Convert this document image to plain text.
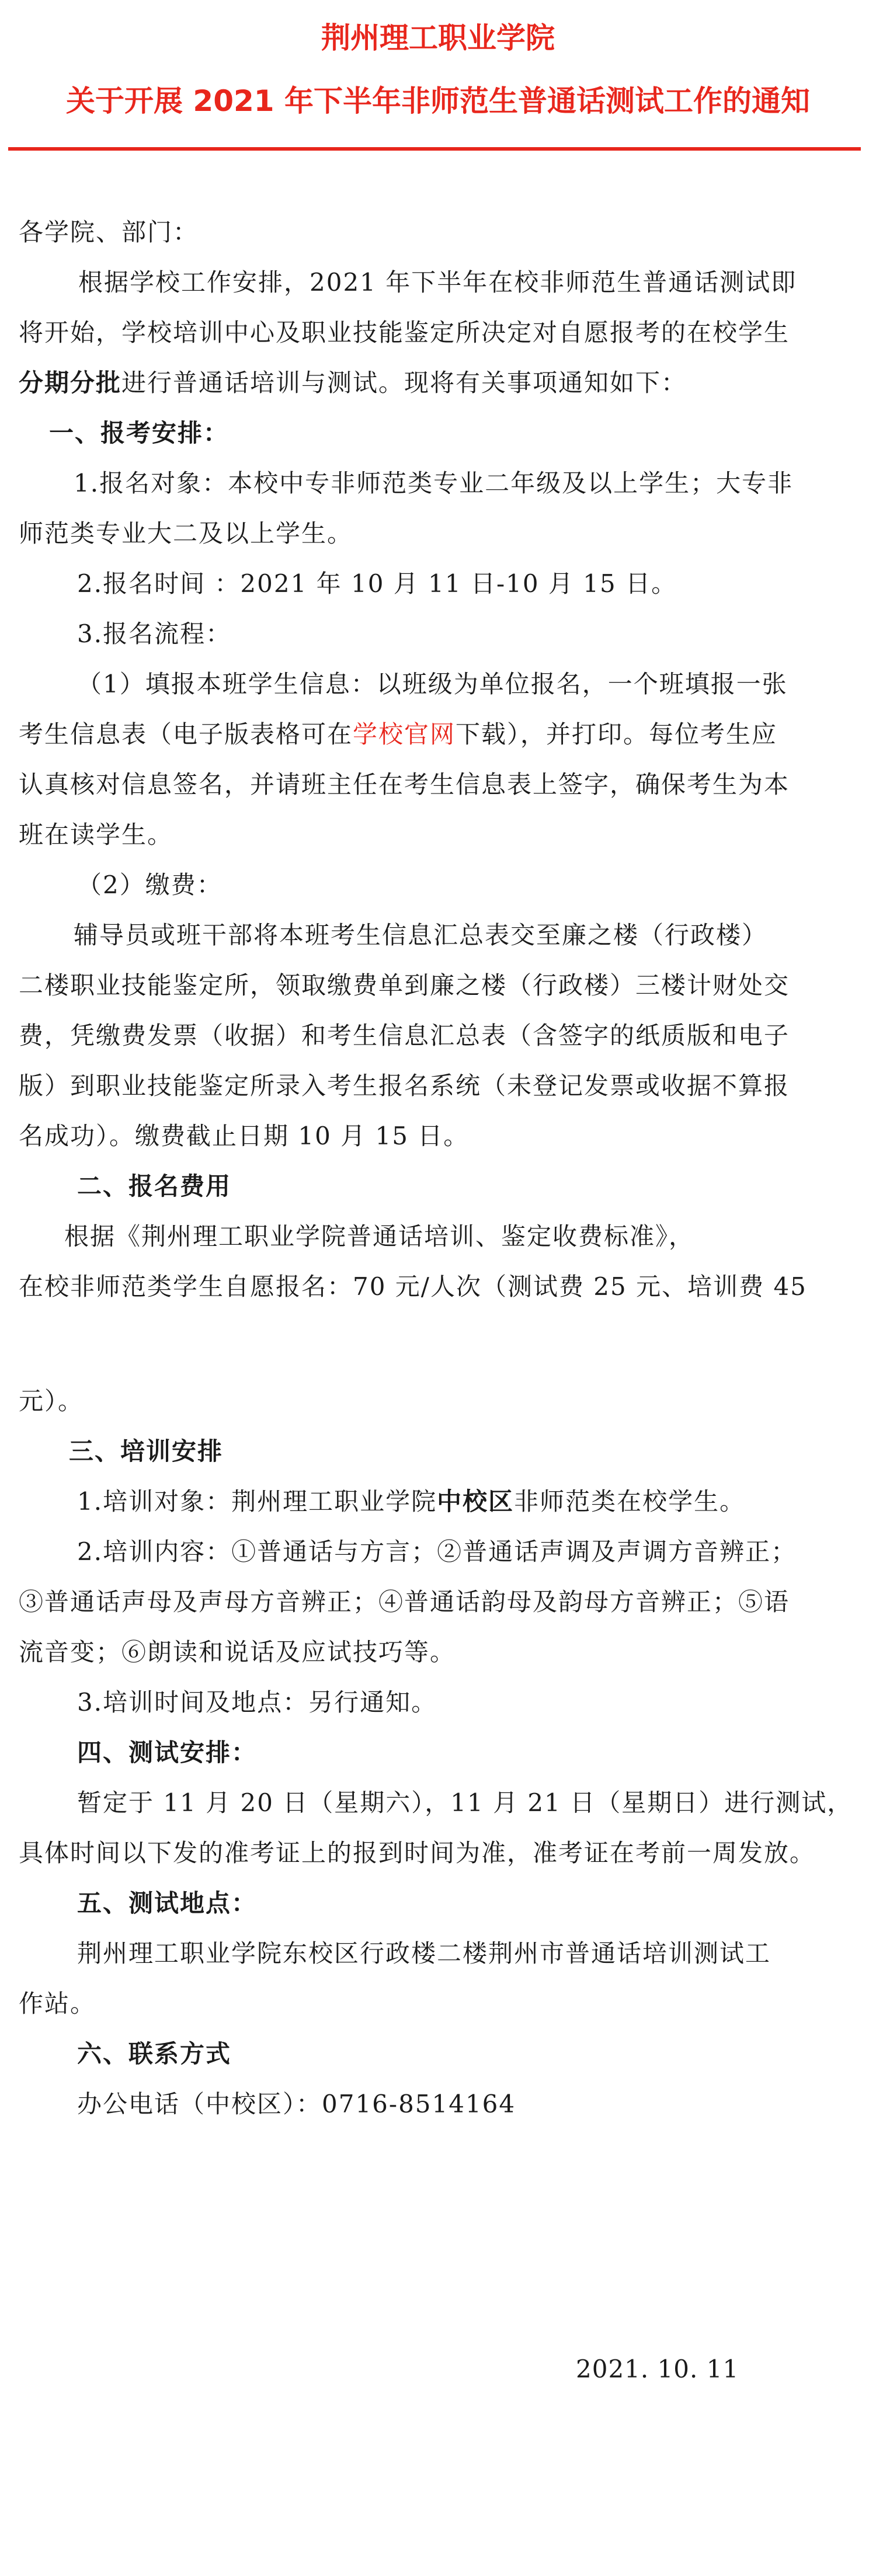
荆州理工职业学院
关于开展 2021 年下半年非师范生普通话测试工作的通知
各学院、部门：
根据学校工作安排，2021 年下半年在校非师范生普通话测试即
将开始，学校培训中心及职业技能鉴定所决定对自愿报考的在校学生
分期分批进行普通话培训与测试。现将有关事项通知如下：
一、报考安排：
1.报名对象：本校中专非师范类专业二年级及以上学生；大专非
师范类专业大二及以上学生。
2.报名时间 ：2021 年 10 月 11 日-10 月 15 日。
3.报名流程：
（1）填报本班学生信息：以班级为单位报名，一个班填报一张
考生信息表（电子版表格可在学校官网下载），并打印。每位考生应
认真核对信息签名，并请班主任在考生信息表上签字，确保考生为本
班在读学生。
（2）缴费：
辅导员或班干部将本班考生信息汇总表交至廉之楼（行政楼）
二楼职业技能鉴定所，领取缴费单到廉之楼（行政楼）三楼计财处交
费，凭缴费发票（收据）和考生信息汇总表（含签字的纸质版和电子
版）到职业技能鉴定所录入考生报名系统（未登记发票或收据不算报
名成功）。缴费截止日期 10 月 15 日。
二、报名费用
根据《荆州理工职业学院普通话培训、鉴定收费标准》，
在校非师范类学生自愿报名：70 元/人次（测试费 25 元、培训费 45
元）。
三、培训安排
1.培训对象：荆州理工职业学院中校区非师范类在校学生。
2.培训内容：①普通话与方言；②普通话声调及声调方音辨正；
③普通话声母及声母方音辨正；④普通话韵母及韵母方音辨正；⑤语
流音变；⑥朗读和说话及应试技巧等。
3.培训时间及地点：另行通知。
四、测试安排：
暂定于 11 月 20 日（星期六），11 月 21 日（星期日）进行测试，
具体时间以下发的准考证上的报到时间为准，准考证在考前一周发放。
五、测试地点：
荆州理工职业学院东校区行政楼二楼荆州市普通话培训测试工
作站。
六、联系方式
办公电话（中校区）：0716-8514164
2021. 10. 11
